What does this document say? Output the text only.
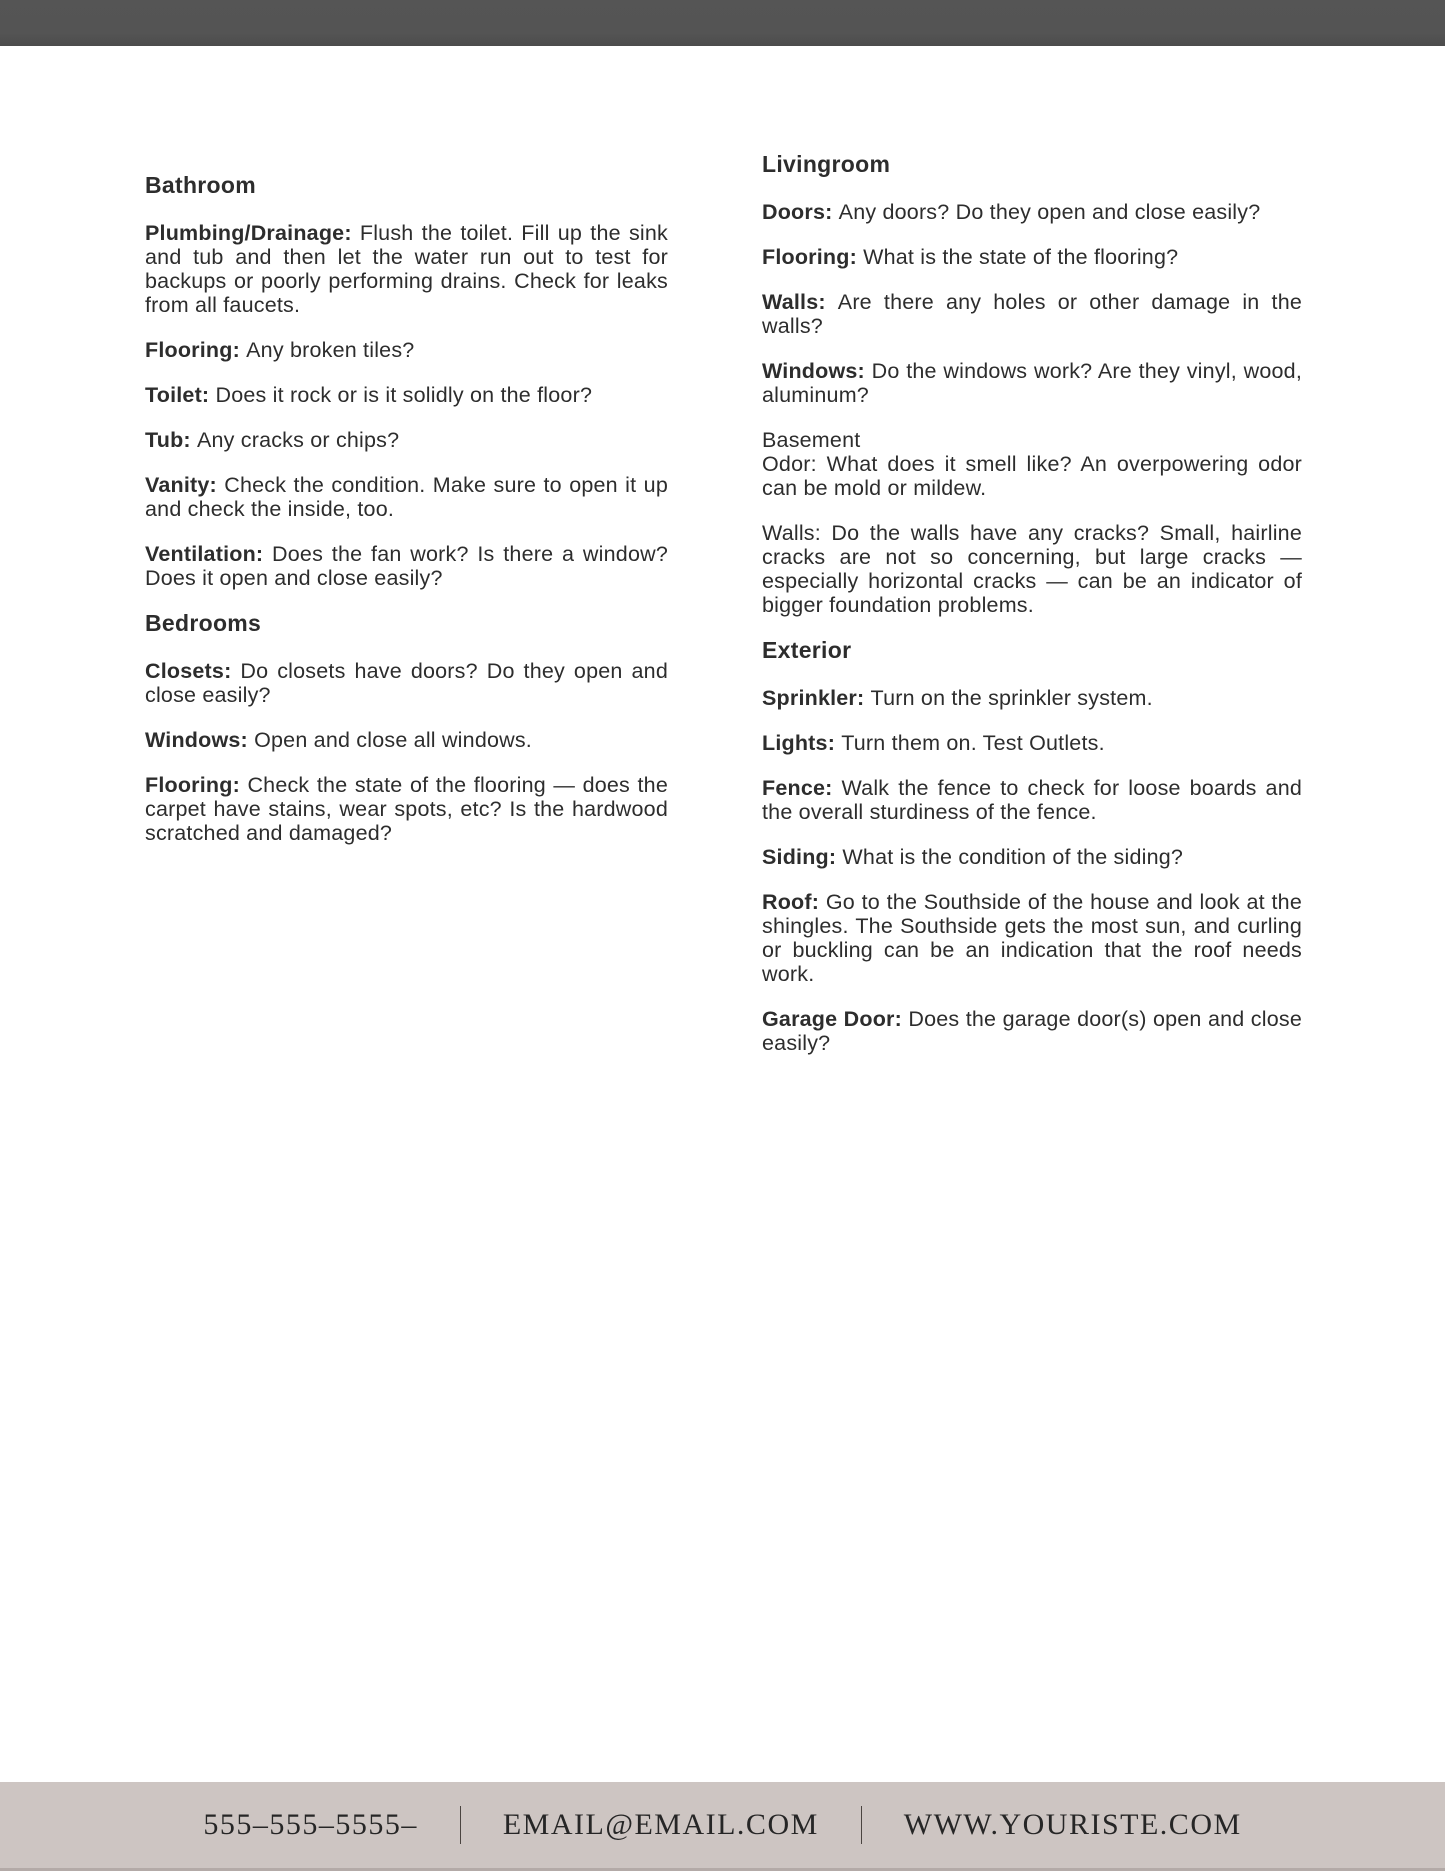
Bathroom

Plumbing/Drainage: Flush the toilet. Fill up the sink and tub and then let the water run out to test for backups or poorly performing drains. Check for leaks from all faucets.

Flooring: Any broken tiles?

Toilet: Does it rock or is it solidly on the floor?

Tub: Any cracks or chips?

Vanity: Check the condition. Make sure to open it up and check the inside, too.

Ventilation: Does the fan work? Is there a window? Does it open and close easily?

Bedrooms

Closets: Do closets have doors? Do they open and close easily?

Windows: Open and close all windows.

Flooring: Check the state of the flooring — does the carpet have stains, wear spots, etc? Is the hardwood scratched and damaged?

Livingroom

Doors: Any doors? Do they open and close easily?

Flooring: What is the state of the flooring?

Walls: Are there any holes or other damage in the walls?

Windows: Do the windows work? Are they vinyl, wood, aluminum?

Basement

Odor: What does it smell like? An overpowering odor can be mold or mildew.

Walls: Do the walls have any cracks? Small, hairline cracks are not so concerning, but large cracks — especially horizontal cracks — can be an indicator of bigger foundation problems.

Exterior

Sprinkler: Turn on the sprinkler system.

Lights: Turn them on. Test Outlets.

Fence: Walk the fence to check for loose boards and the overall sturdiness of the fence.

Siding: What is the condition of the siding?

Roof: Go to the Southside of the house and look at the shingles. The Southside gets the most sun, and curling or buckling can be an indication that the roof needs work.

Garage Door: Does the garage door(s) open and close easily?

555–555–5555–	EMAIL@EMAIL.COM	WWW.YOURISTE.COM
